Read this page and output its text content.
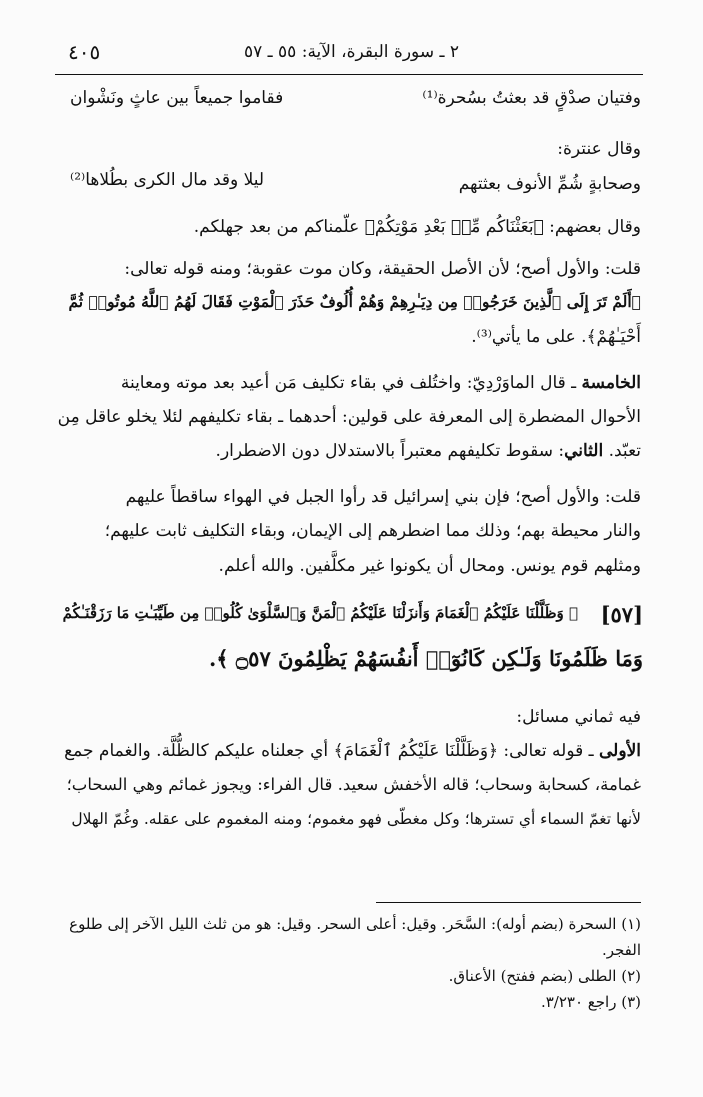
٤٠٥	٢ ـ سورة البقرة، الآية: ٥٥ ـ ٥٧
وفتيان صدْقٍ قد بعثتُ بسُحرة⁽¹⁾
فقاموا جميعاً بين عاثٍ ونَشْوان
وقال عنترة:
وصحابةٍ شُمِّ الأنوف بعثتهم
ليلا وقد مال الكرى بطُلاها⁽²⁾
وقال بعضهم: ﴿بَعَثْنَاكُم مِّنۢ بَعْدِ مَوْتِكُمْ﴾ علّمناكم من بعد جهلكم.
قلت: والأول أصح؛ لأن الأصل الحقيقة، وكان موت عقوبة؛ ومنه قوله تعالى:
﴿أَلَمْ تَرَ إِلَى ٱلَّذِينَ خَرَجُوا۟ مِن دِيَـٰرِهِمْ وَهُمْ أُلُوفٌ حَذَرَ ٱلْمَوْتِ فَقَالَ لَهُمُ ٱللَّهُ مُوتُوا۟ ثُمَّ
أَحْيَـٰهُمْ﴾. على ما يأتي⁽³⁾.
الخامسة ـ قال الماوَرْدِيّ: واختُلف في بقاء تكليف مَن أعيد بعد موته ومعاينة
الأحوال المضطرة إلى المعرفة على قولين: أحدهما ـ بقاء تكليفهم لئلا يخلو عاقل مِن
تعبّد. الثاني: سقوط تكليفهم معتبراً بالاستدلال دون الاضطرار.
قلت: والأول أصح؛ فإن بني إسرائيل قد رأوا الجبل في الهواء ساقطاً عليهم
والنار محيطة بهم؛ وذلك مما اضطرهم إلى الإيمان، وبقاء التكليف ثابت عليهم؛
ومثلهم قوم يونس. ومحال أن يكونوا غير مكلَّفين. والله أعلم.
[٥٧]
﴿ وَظَلَّلْنَا عَلَيْكُمُ ٱلْغَمَامَ وَأَنزَلْنَا عَلَيْكُمُ ٱلْمَنَّ وَٱلسَّلْوَىٰ كُلُوا۟ مِن طَيِّبَـٰتِ مَا رَزَقْنَـٰكُمْ
وَمَا ظَلَمُونَا وَلَـٰكِن كَانُوٓا۟ أَنفُسَهُمْ يَظْلِمُونَ ۝٥٧ ﴾.
فيه ثماني مسائل:
الأولى ـ قوله تعالى: ﴿وَظَلَّلْنَا عَلَيْكُمُ ٱلْغَمَامَ﴾ أي جعلناه عليكم كالظُّلَّة. والغمام جمع
غمامة، كسحابة وسحاب؛ قاله الأخفش سعيد. قال الفراء: ويجوز غمائم وهي السحاب؛
لأنها تغمّ السماء أي تسترها؛ وكل مغطّى فهو مغموم؛ ومنه المغموم على عقله. وغُمّ الهلال
(١) السحرة (بضم أوله): السَّحَر. وقيل: أعلى السحر. وقيل: هو من ثلث الليل الآخر إلى طلوع
الفجر.
(٢) الطلى (بضم ففتح) الأعناق.
(٣) راجع ٣/٢٣٠.
